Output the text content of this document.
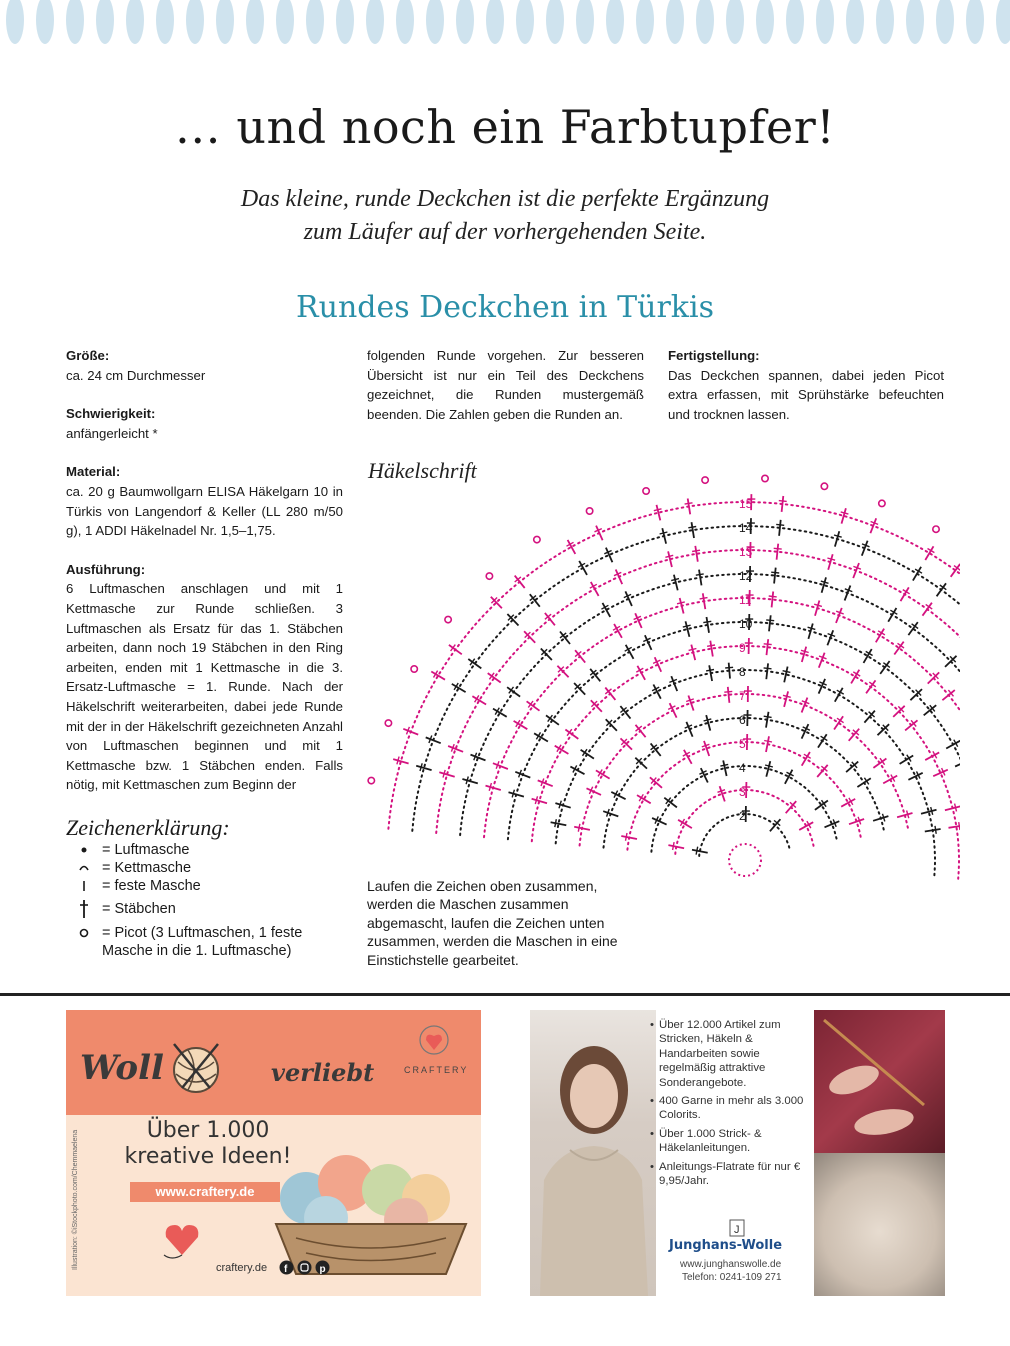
… und noch ein Farbtupfer!
Das kleine, runde Deckchen ist die perfekte Ergänzung
zum Läufer auf der vorhergehenden Seite.
Rundes Deckchen in Türkis
Größe:
ca. 24 cm Durchmesser
Schwierigkeit:
anfängerleicht *
Material:
ca. 20 g Baumwollgarn ELISA Häkelgarn 10 in Türkis von Langendorf & Keller (LL 280 m/50 g), 1 ADDI Häkelnadel Nr. 1,5–1,75.
Ausführung:
6 Luftmaschen anschlagen und mit 1 Kettmasche zur Runde schließen. 3 Luftmaschen als Ersatz für das 1. Stäbchen arbeiten, dann noch 19 Stäbchen in den Ring arbeiten, enden mit 1 Kettmasche in die 3. Ersatz-Luftmasche = 1. Runde. Nach der Häkelschrift weiterarbeiten, dabei jede Runde mit der in der Häkelschrift gezeichneten Anzahl von Luftmaschen beginnen und mit 1 Kettmasche bzw. 1 Stäbchen enden. Falls nötig, mit Kettmaschen zum Beginn der
folgenden Runde vorgehen. Zur besseren Übersicht ist nur ein Teil des Deckchens gezeichnet, die Runden mustergemäß beenden. Die Zahlen geben die Runden an.
Fertigstellung:
Das Deckchen spannen, dabei jeden Picot extra erfassen, mit Sprühstärke befeuchten und trocknen lassen.
Häkelschrift
15
14
13
12
11
10
9
8
7
6
5
4
3
2
Laufen die Zeichen oben zusammen, werden die Maschen zusammen abgemascht, laufen die Zeichen unten zusammen, werden die Maschen in eine Einstichstelle gearbeitet.
Zeichenerklärung:
= Luftmasche
= Kettmasche
= feste Masche
= Stäbchen
= Picot (3 Luftmaschen, 1 feste
Masche in die 1. Luftmasche)
Woll	verliebt	CRAFTERY
Über 1.000
kreative Ideen!
www.craftery.de
craftery.de f	p
Illustration: ©iStockphoto.com/Chemmaelena
• Über 12.000 Artikel zum Stricken, Häkeln & Handarbeiten sowie regelmäßig attraktive Sonderangebote.
• 400 Garne in mehr als 3.000 Colorits.
• Über 1.000 Strick- & Häkelanleitungen.
• Anleitungs-Flatrate für nur € 9,95/Jahr.
J
Junghans-Wolle
www.junghanswolle.de
Telefon: 0241-109 271
